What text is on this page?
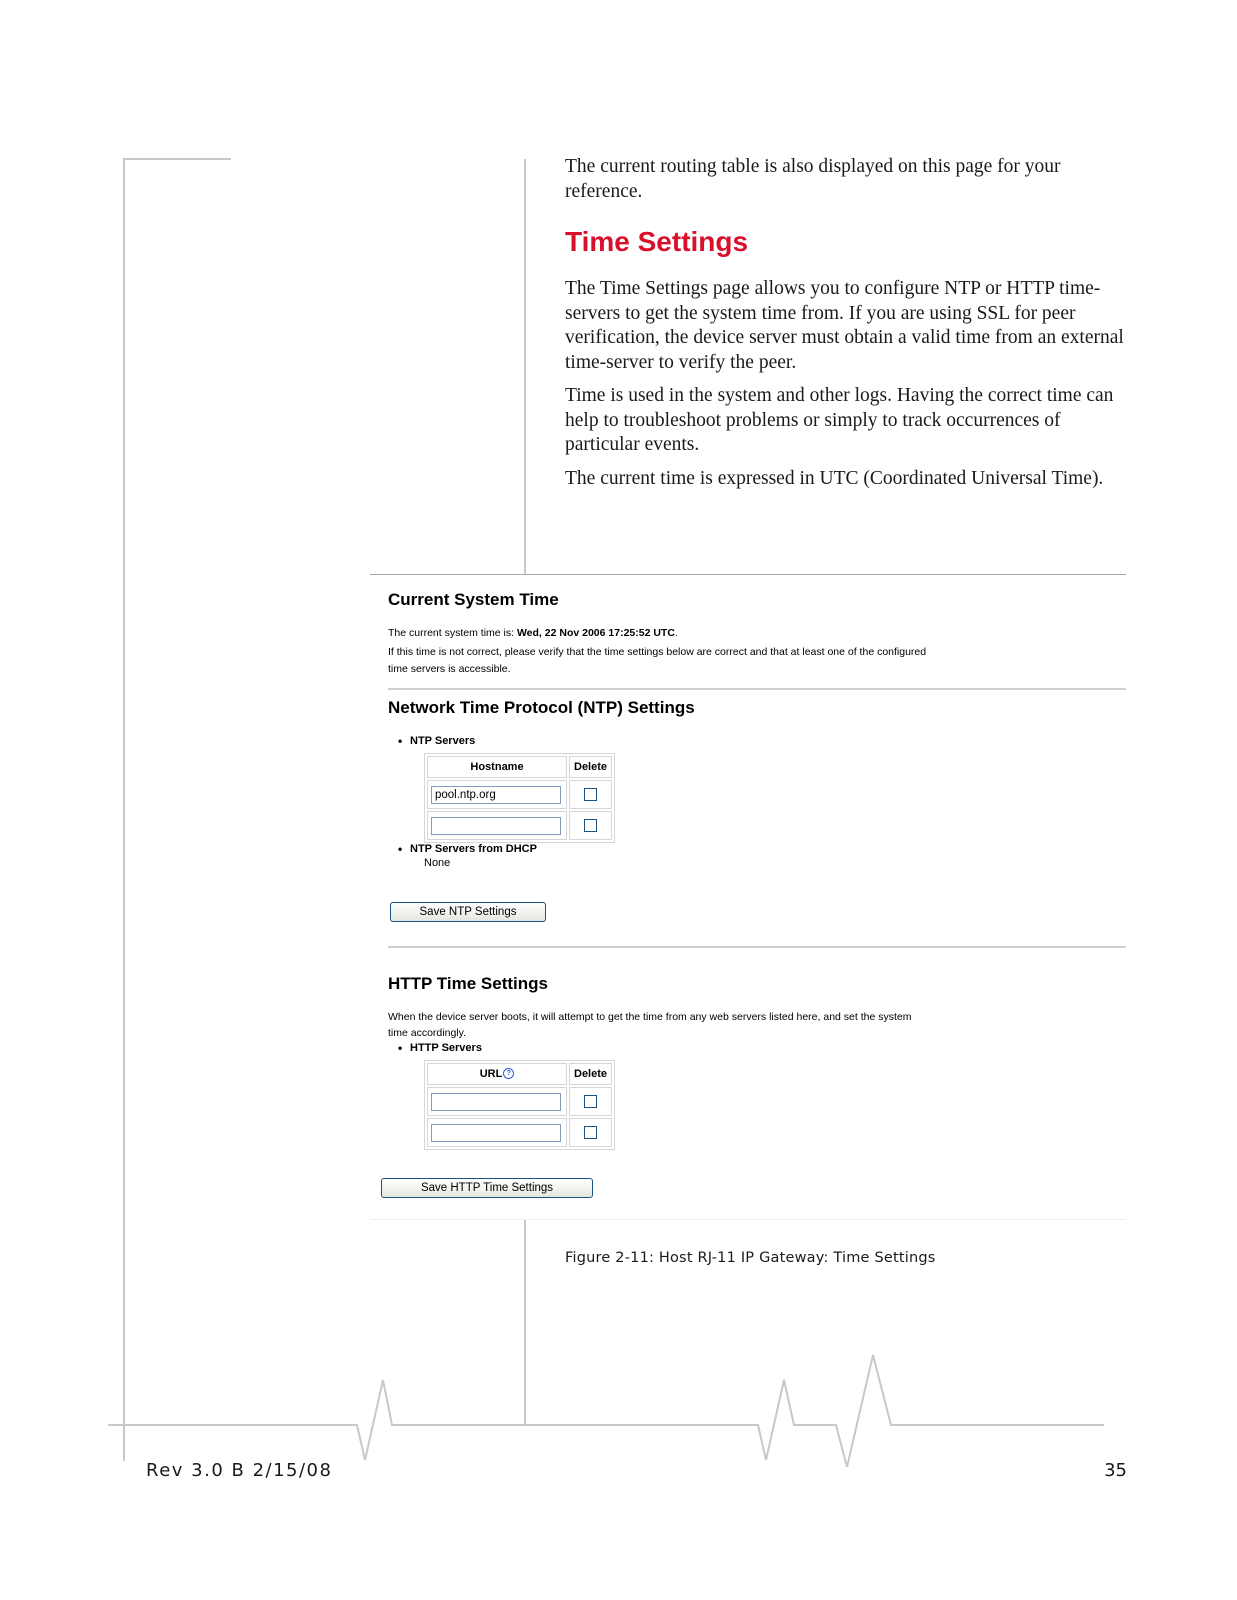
The current routing table is also displayed on this page for your reference.

Time Settings

The Time Settings page allows you to configure NTP or HTTP time-servers to get the system time from. If you are using SSL for peer verification, the device server must obtain a valid time from an external time-server to verify the peer.

Time is used in the system and other logs. Having the correct time can help to troubleshoot problems or simply to track occurrences of particular events.

The current time is expressed in UTC (Coordinated Universal Time).

Current System Time
The current system time is: Wed, 22 Nov 2006 17:25:52 UTC.
If this time is not correct, please verify that the time settings below are correct and that at least one of the configured
time servers is accessible.
Network Time Protocol (NTP) Settings
• NTP Servers
Hostname	Delete
pool.ntp.org	

• NTP Servers from DHCP
None
Save NTP Settings
HTTP Time Settings
When the device server boots, it will attempt to get the time from any web servers listed here, and set the system
time accordingly.
• HTTP Servers
URL ?	Delete

Save HTTP Time Settings
Figure 2-11: Host RJ-11 IP Gateway: Time Settings
Rev 3.0 B 2/15/08	35
